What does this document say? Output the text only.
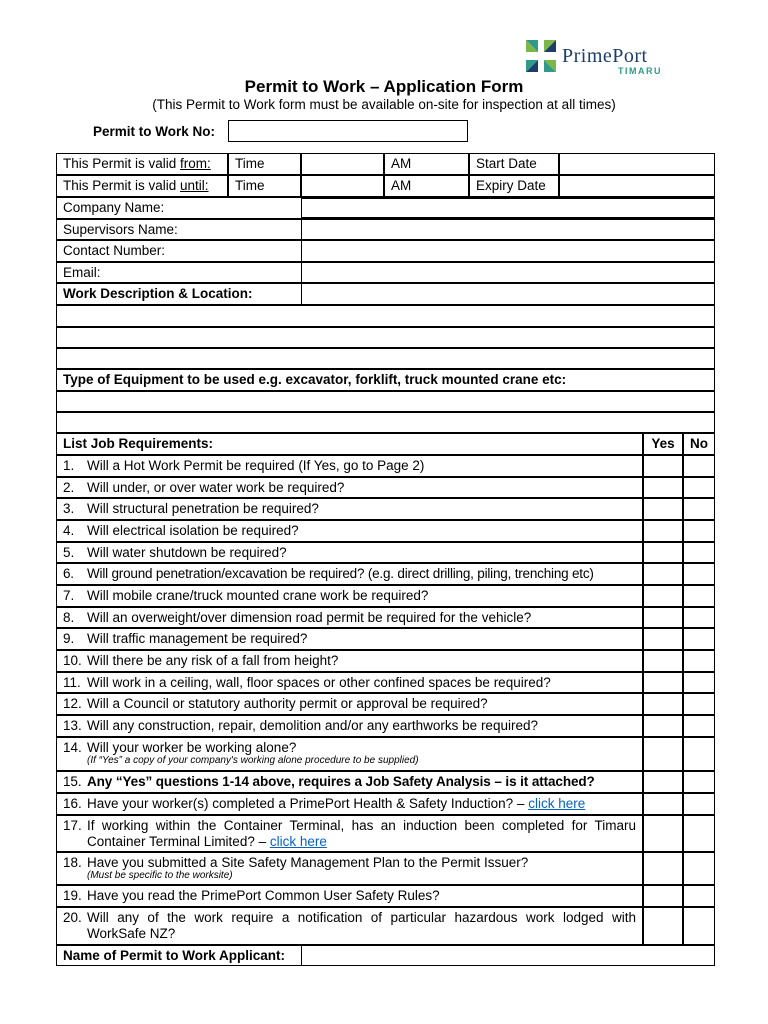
PrimePort
TIMARU
Permit to Work – Application Form
(This Permit to Work form must be available on-site for inspection at all times)
Permit to Work No:
This Permit is valid from:	Time	AM	Start Date
This Permit is valid until:	Time	AM	Expiry Date
Company Name:
Supervisors Name:
Contact Number:
Email:
Work Description & Location:
Type of Equipment to be used e.g. excavator, forklift, truck mounted crane etc:
List Job Requirements:	Yes	No
1. Will a Hot Work Permit be required (If Yes, go to Page 2)
2. Will under, or over water work be required?
3. Will structural penetration be required?
4. Will electrical isolation be required?
5. Will water shutdown be required?
6. Will ground penetration/excavation be required? (e.g. direct drilling, piling, trenching etc)
7. Will mobile crane/truck mounted crane work be required?
8. Will an overweight/over dimension road permit be required for the vehicle?
9. Will traffic management be required?
10. Will there be any risk of a fall from height?
11. Will work in a ceiling, wall, floor spaces or other confined spaces be required?
12. Will a Council or statutory authority permit or approval be required?
13. Will any construction, repair, demolition and/or any earthworks be required?
14. Will your worker be working alone?
(If “Yes” a copy of your company's working alone procedure to be supplied)
15. Any “Yes” questions 1-14 above, requires a Job Safety Analysis – is it attached?
16. Have your worker(s) completed a PrimePort Health & Safety Induction? – click here
17. If working within the Container Terminal, has an induction been completed for Timaru Container Terminal Limited? – click here
18. Have you submitted a Site Safety Management Plan to the Permit Issuer?
(Must be specific to the worksite)
19. Have you read the PrimePort Common User Safety Rules?
20. Will any of the work require a notification of particular hazardous work lodged with WorkSafe NZ?
Name of Permit to Work Applicant:
